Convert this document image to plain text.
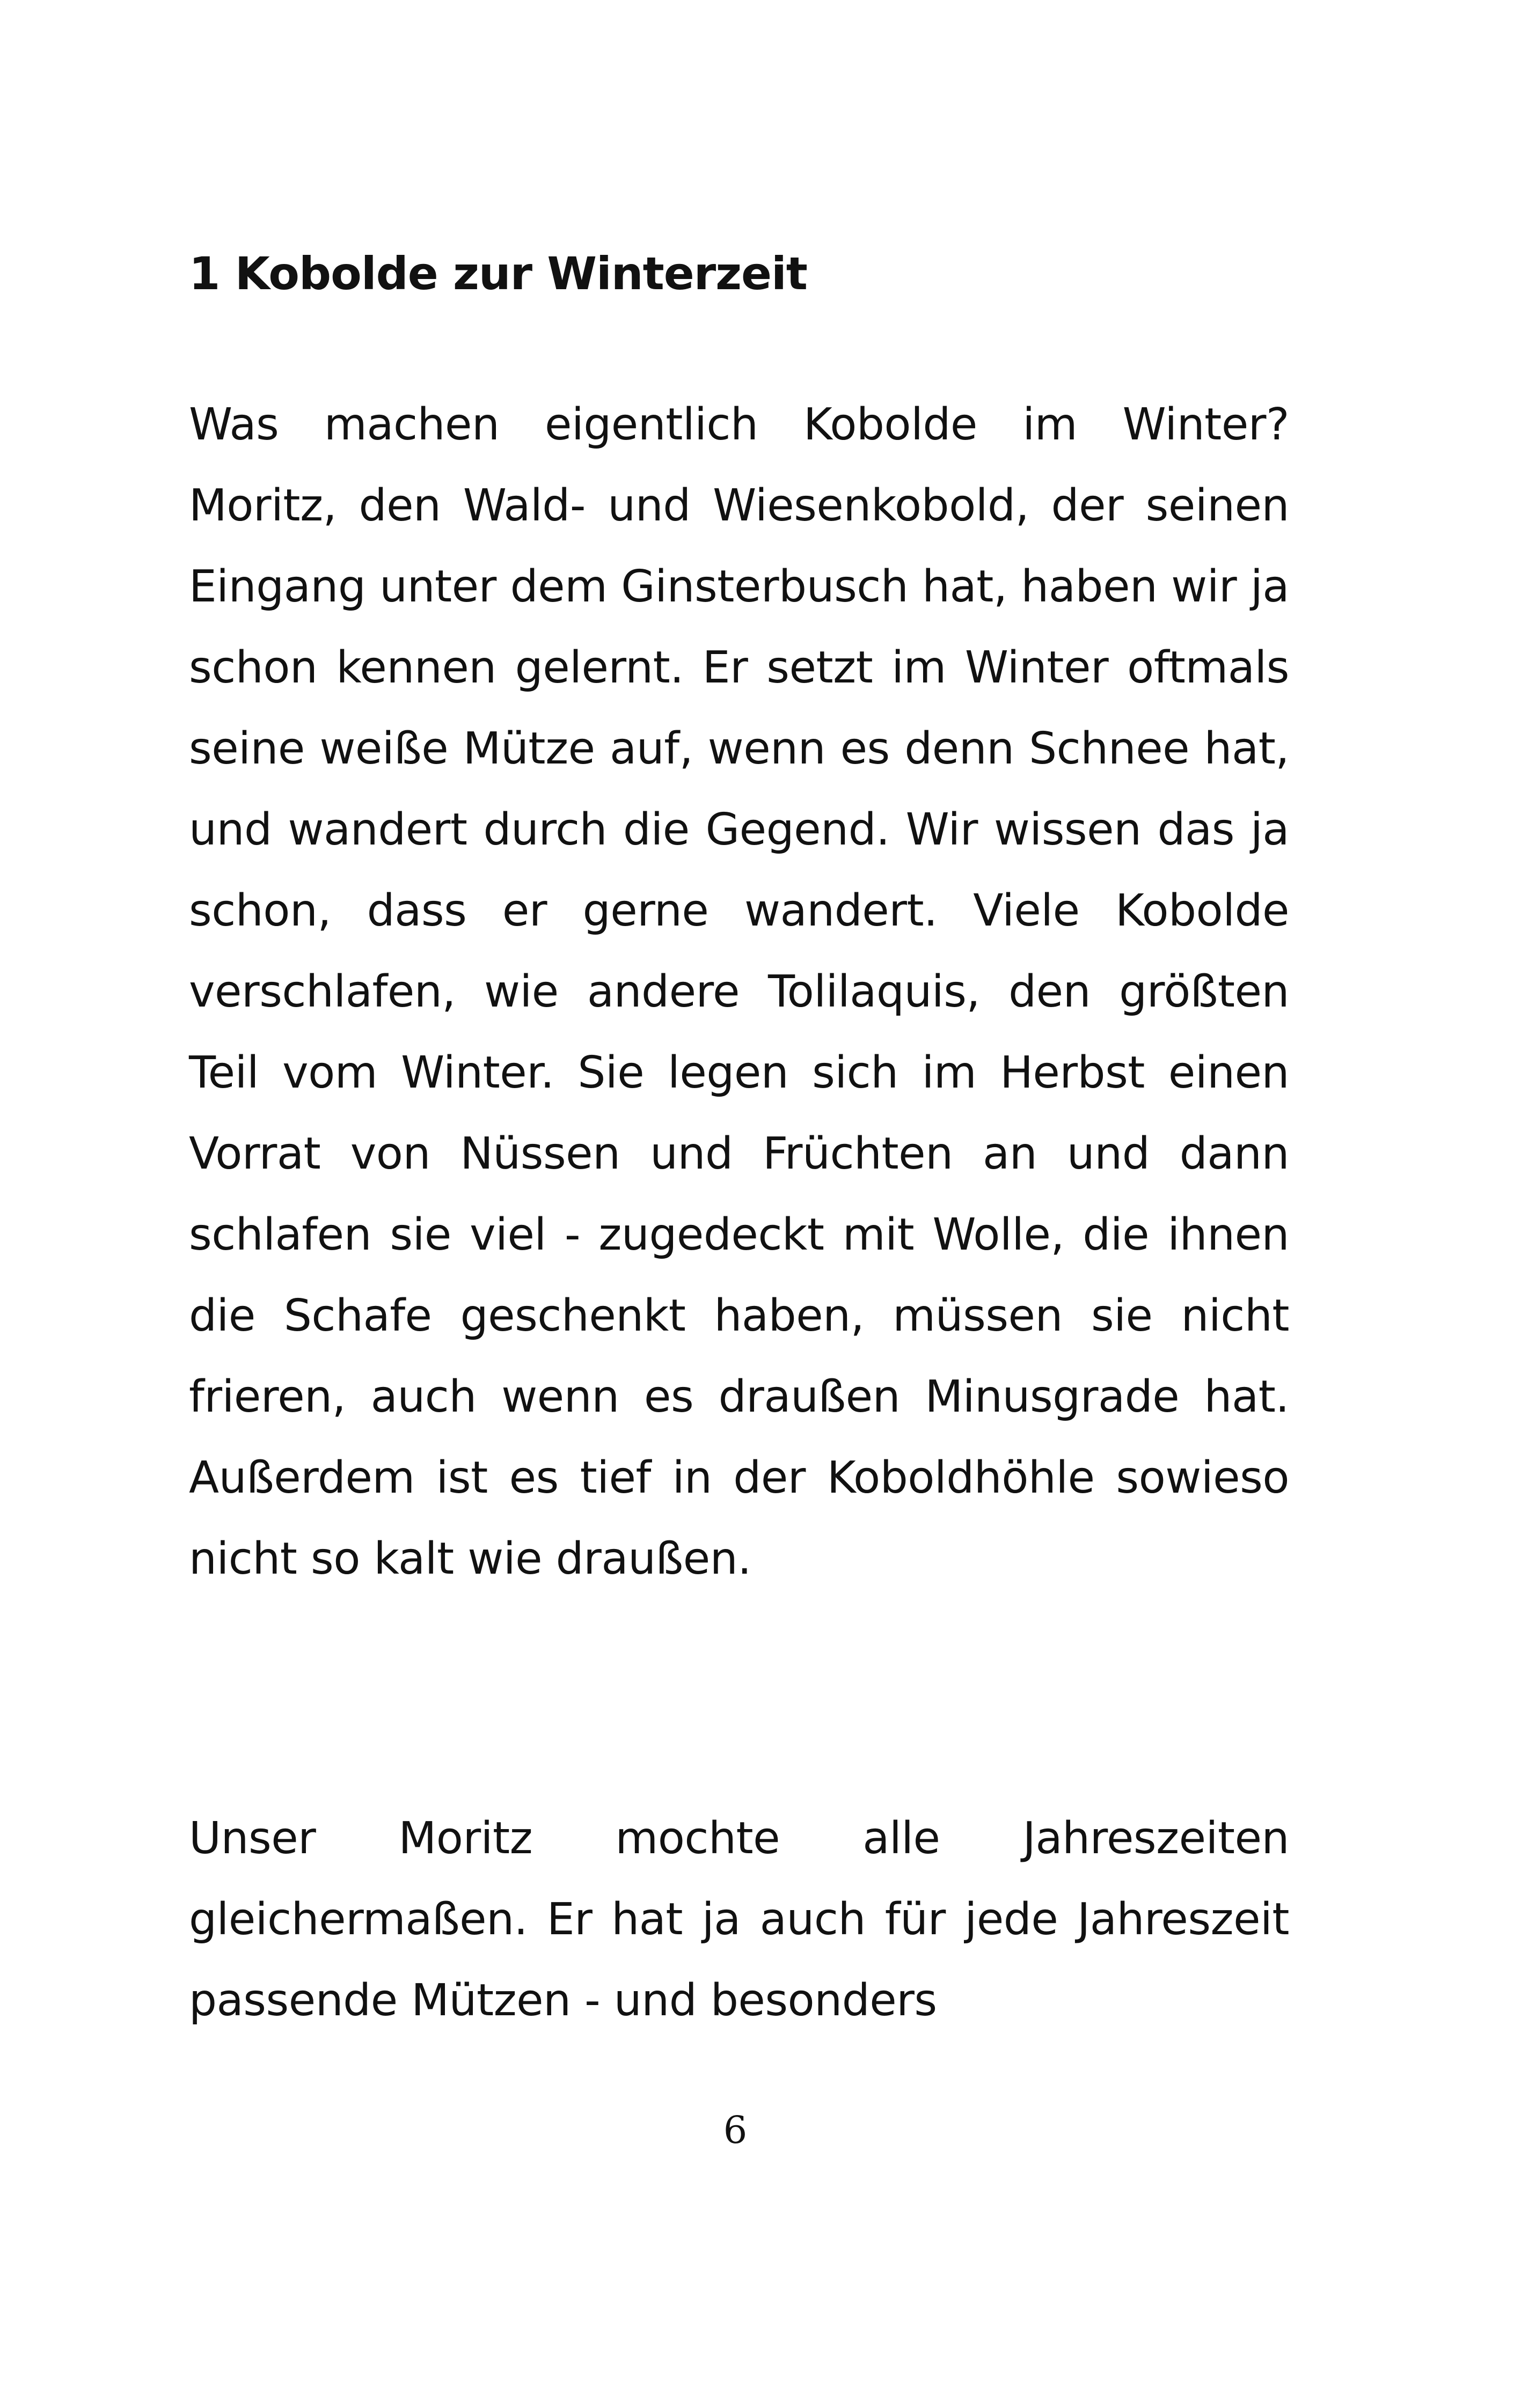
1 Kobolde zur Winterzeit

Was machen eigentlich Kobolde im Winter? Moritz, den Wald- und Wiesenkobold, der seinen Eingang unter dem Ginsterbusch hat, haben wir ja schon kennen gelernt. Er setzt im Winter oftmals seine weiße Mütze auf, wenn es denn Schnee hat, und wandert durch die Gegend. Wir wissen das ja schon, dass er gerne wandert. Viele Kobolde verschlafen, wie andere Tolilaquis, den größten Teil vom Winter. Sie legen sich im Herbst einen Vorrat von Nüssen und Früchten an und dann schlafen sie viel - zugedeckt mit Wolle, die ihnen die Schafe geschenkt haben, müssen sie nicht frieren, auch wenn es draußen Minusgrade hat. Außerdem ist es tief in der Koboldhöhle sowieso nicht so kalt wie draußen.

Unser Moritz mochte alle Jahreszeiten gleichermaßen. Er hat ja auch für jede Jahreszeit passende Mützen - und besonders

6
